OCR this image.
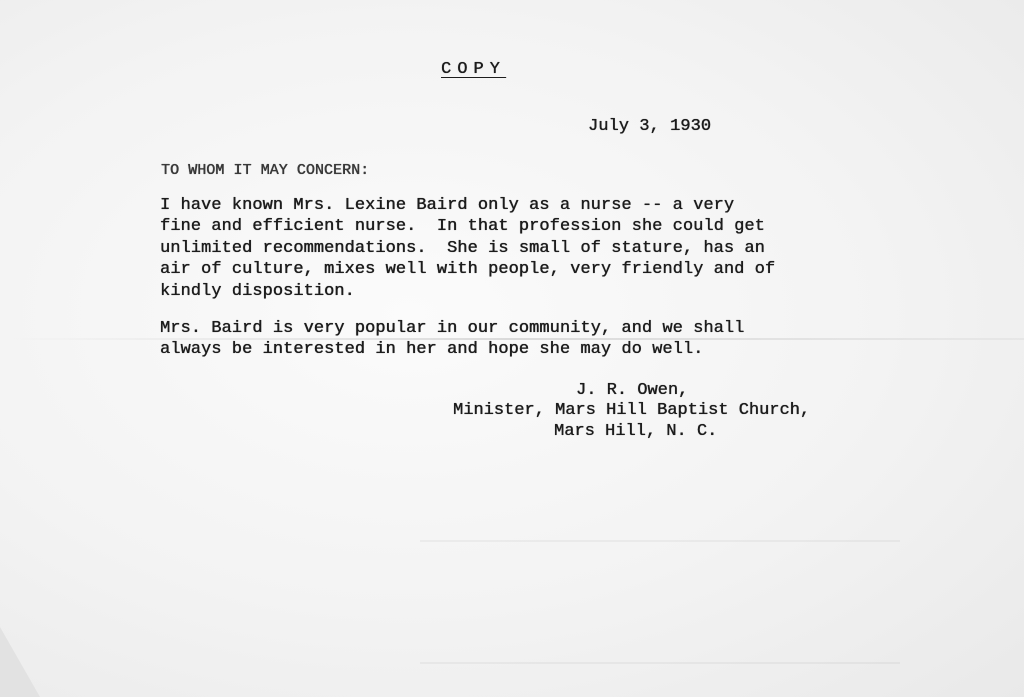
COPY
July 3, 1930
TO WHOM IT MAY CONCERN:
I have known Mrs. Lexine Baird only as a nurse -- a very
fine and efficient nurse.  In that profession she could get
unlimited recommendations.  She is small of stature, has an
air of culture, mixes well with people, very friendly and of
kindly disposition.
Mrs. Baird is very popular in our community, and we shall
always be interested in her and hope she may do well.
J. R. Owen,
Minister, Mars Hill Baptist Church,
Mars Hill, N. C.
